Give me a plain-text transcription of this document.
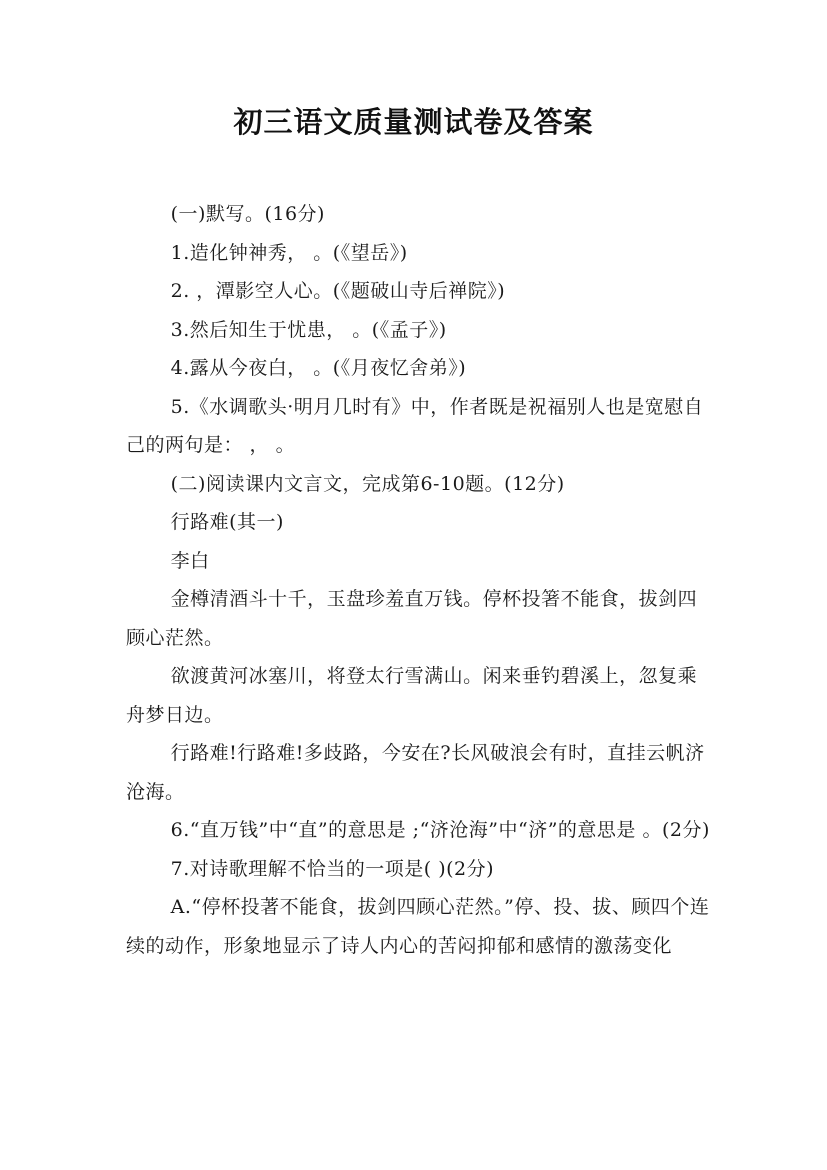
初三语文质量测试卷及答案

(一)默写。(16分)

1.造化钟神秀， 。(《望岳》)

2. ，潭影空人心。(《题破山寺后禅院》)

3.然后知生于忧患， 。(《孟子》)

4.露从今夜白， 。(《月夜忆舍弟》)

5.《水调歌头·明月几时有》中，作者既是祝福别人也是宽慰自己的两句是： ， 。

(二)阅读课内文言文，完成第6-10题。(12分)

行路难(其一)

李白

金樽清酒斗十千，玉盘珍羞直万钱。停杯投箸不能食，拔剑四顾心茫然。

欲渡黄河冰塞川，将登太行雪满山。闲来垂钓碧溪上，忽复乘舟梦日边。

行路难!行路难!多歧路，今安在?长风破浪会有时，直挂云帆济沧海。

6.“直万钱”中“直”的意思是 ;“济沧海”中“济”的意思是 。(2分)

7.对诗歌理解不恰当的一项是( )(2分)

A.“停杯投著不能食，拔剑四顾心茫然。”停、投、拔、顾四个连续的动作，形象地显示了诗人内心的苦闷抑郁和感情的激荡变化
